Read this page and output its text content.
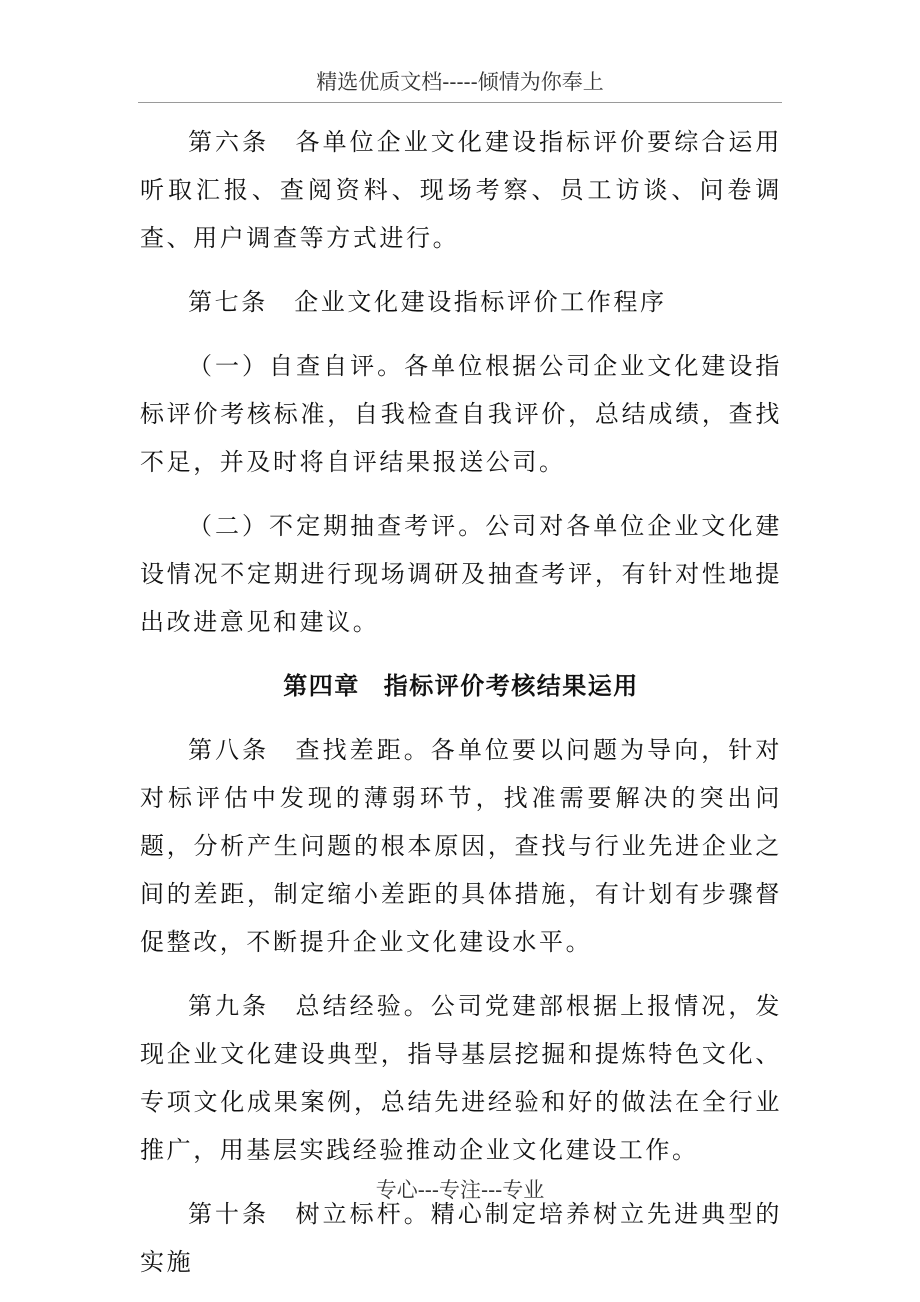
精选优质文档-----倾情为你奉上

第六条 各单位企业文化建设指标评价要综合运用听取汇报、查阅资料、现场考察、员工访谈、问卷调查、用户调查等方式进行。

第七条 企业文化建设指标评价工作程序

（一）自查自评。各单位根据公司企业文化建设指标评价考核标准，自我检查自我评价，总结成绩，查找不足，并及时将自评结果报送公司。

（二）不定期抽查考评。公司对各单位企业文化建设情况不定期进行现场调研及抽查考评，有针对性地提出改进意见和建议。

第四章 指标评价考核结果运用

第八条 查找差距。各单位要以问题为导向，针对对标评估中发现的薄弱环节，找准需要解决的突出问题，分析产生问题的根本原因，查找与行业先进企业之间的差距，制定缩小差距的具体措施，有计划有步骤督促整改，不断提升企业文化建设水平。

第九条 总结经验。公司党建部根据上报情况，发现企业文化建设典型，指导基层挖掘和提炼特色文化、专项文化成果案例，总结先进经验和好的做法在全行业推广，用基层实践经验推动企业文化建设工作。

第十条 树立标杆。精心制定培养树立先进典型的实施

专心---专注---专业
